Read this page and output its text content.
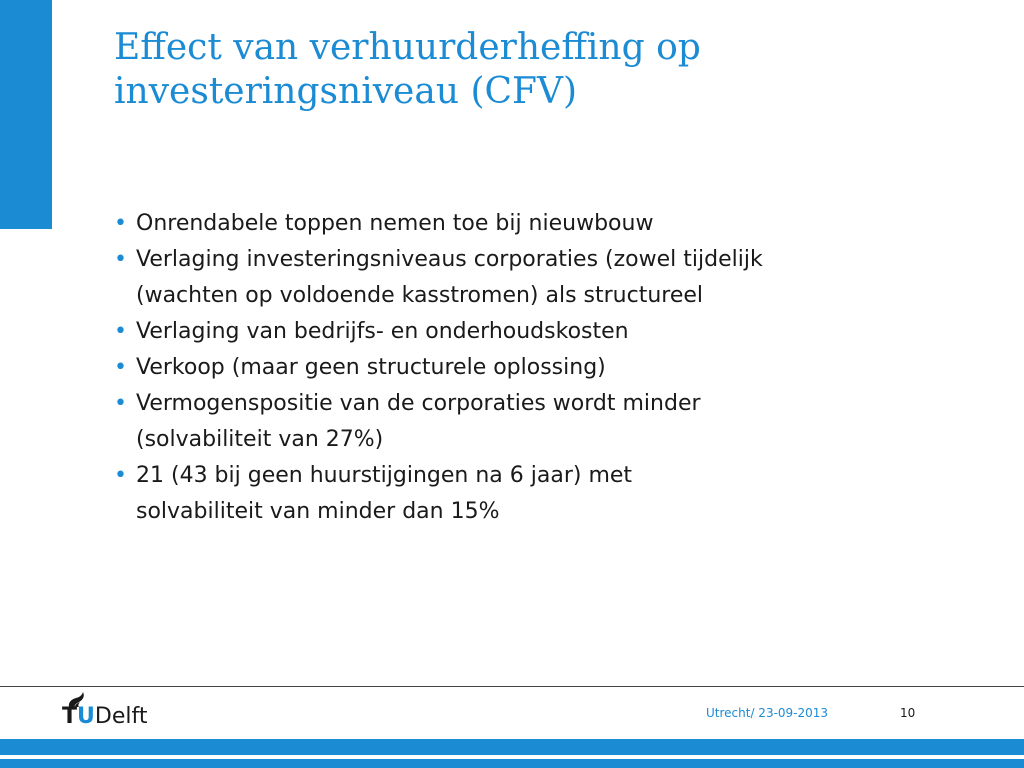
Effect van verhuurderheffing op
investeringsniveau (CFV)
• Onrendabele toppen nemen toe bij nieuwbouw
• Verlaging investeringsniveaus corporaties (zowel tijdelijk
(wachten op voldoende kasstromen) als structureel
• Verlaging van bedrijfs- en onderhoudskosten
• Verkoop (maar geen structurele oplossing)
• Vermogenspositie van de corporaties wordt minder
(solvabiliteit van 27%)
• 21 (43 bij geen huurstijgingen na 6 jaar) met
solvabiliteit van minder dan 15%
TUDelft	Utrecht/ 23-09-2013	10
